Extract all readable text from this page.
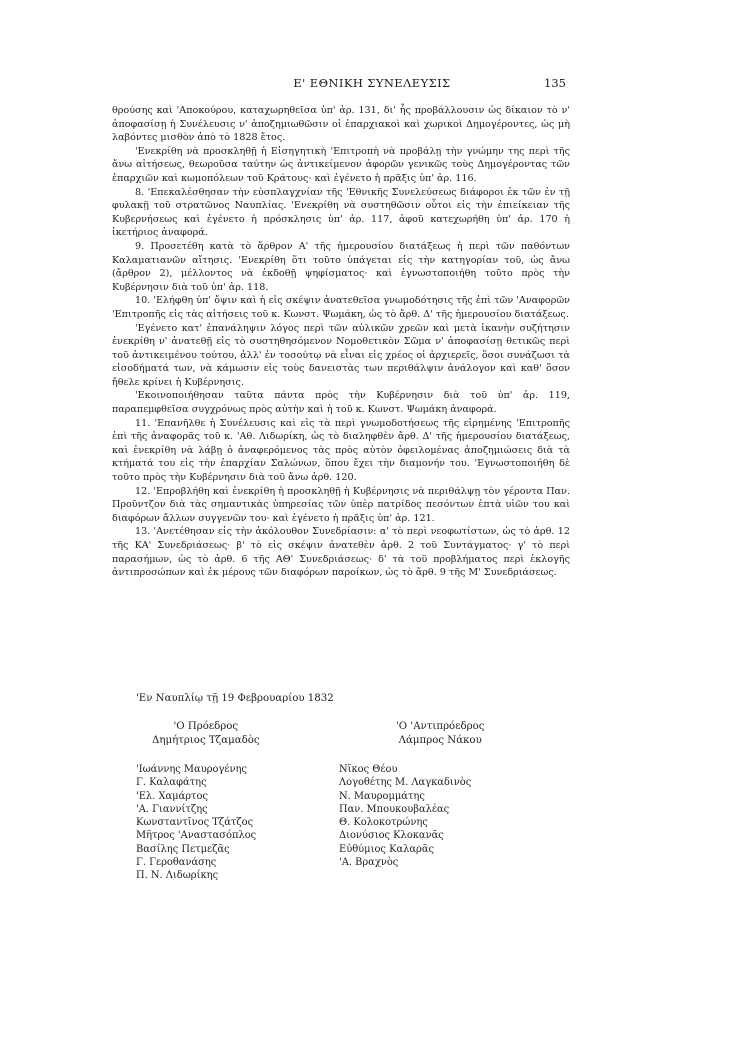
Ε' ΕΘΝΙΚΗ ΣΥΝΕΛΕΥΣΙΣ	135

θρούσης καὶ 'Αποκούρου, καταχωρηθεῖσα ὑπ' ἀρ. 131, δι' ἧς προβάλλουσιν ὡς δίκαιον τὸ ν' ἀποφασίσῃ ἡ Συνέλευσις ν' ἀποζημιωθῶσιν οἱ ἐπαρχιακοὶ καὶ χωρικοὶ Δημογέροντες, ὡς μὴ λαβόντες μισθὸν ἀπὸ τὸ 1828 ἔτος.

'Ενεκρίθη νὰ προσκληθῇ ἡ Εἰσηγητικὴ 'Επιτροπὴ νὰ προβάλῃ τὴν γνώμην της περὶ τῆς ἄνω αἰτήσεως, θεωροῦσα ταύτην ὡς ἀντικείμενον ἀφορῶν γενικῶς τοὺς Δημογέροντας τῶν ἐπαρχιῶν καὶ κωμοπόλεων τοῦ Κράτους· καὶ ἐγένετο ἡ πρᾶξις ὑπ' ἀρ. 116.

8. 'Επεκαλέσθησαν τὴν εὐσπλαγχνίαν τῆς 'Εθνικῆς Συνελεύσεως διάφοροι ἐκ τῶν ἐν τῇ φυλακῇ τοῦ στρατῶνος Ναυπλίας. 'Ενεκρίθη νὰ συστηθῶσιν οὗτοι εἰς τὴν ἐπιείκειαν τῆς Κυβερνήσεως καὶ ἐγένετο ἡ πρόσκλησις ὑπ' ἀρ. 117, ἀφοῦ κατεχωρήθη ὑπ' ἀρ. 170 ἡ ἱκετήριος ἀναφορά.

9. Προσετέθη κατὰ τὸ ἄρθρον Α' τῆς ἡμερουσίου διατάξεως ἡ περὶ τῶν παθόντων Καλαματιανῶν αἴτησις. 'Ενεκρίθη ὅτι τοῦτο ὑπάγεται εἰς τὴν κατηγορίαν τοῦ, ὡς ἄνω (ἄρθρον 2), μέλλοντος νὰ ἐκδοθῇ ψηφίσματος· καὶ ἐγνωστοποιήθη τοῦτο πρὸς τὴν Κυβέρνησιν διὰ τοῦ ὑπ' ἀρ. 118.

10. 'Ελήφθη ὑπ' ὄψιν καὶ ἡ εἰς σκέψιν ἀνατεθεῖσα γνωμοδότησις τῆς ἐπὶ τῶν 'Αναφορῶν 'Επιτροπῆς εἰς τὰς αἰτήσεις τοῦ κ. Κωνστ. Ψωμάκη, ὡς τὸ ἄρθ. Δ' τῆς ἡμερουσίου διατάξεως.

'Εγένετο κατ' ἐπανάληψιν λόγος περὶ τῶν αὐλικῶν χρεῶν καὶ μετὰ ἱκανὴν συζήτησιν ἐνεκρίθη ν' ἀνατεθῇ εἰς τὸ συστηθησόμενον Νομοθετικὸν Σῶμα ν' ἀποφασίσῃ θετικῶς περὶ τοῦ ἀντικειμένου τούτου, ἀλλ' ἐν τοσούτῳ νὰ εἶναι εἰς χρέος οἱ ἀρχιερεῖς, ὅσοι συνάζωσι τὰ εἰσοδήματά των, νὰ κάμωσιν εἰς τοὺς δανειστὰς των περιθάλψιν ἀνάλογον καὶ καθ' ὅσον ἤθελε κρίνει ἡ Κυβέρνησις.

'Εκοινοποιήθησαν ταῦτα πάντα πρὸς τὴν Κυβέρνησιν διὰ τοῦ ὑπ' ἀρ. 119, παραπεμφθεῖσα συγχρόνως πρὸς αὐτὴν καὶ ἡ τοῦ κ. Κωνστ. Ψωμάκη ἀναφορά.

11. 'Επανῆλθε ἡ Συνέλευσις καὶ εἰς τὰ περὶ γνωμοδοτήσεως τῆς εἰρημένης 'Επιτροπῆς ἐπὶ τῆς ἀναφορᾶς τοῦ κ. 'Αθ. Λιδωρίκη, ὡς τὸ διαληφθὲν ἄρθ. Δ' τῆς ἡμερουσίου διατάξεως, καὶ ἐνεκρίθη νὰ λάβῃ ὁ ἀναφερόμενος τὰς πρὸς αὐτὸν ὀφειλομένας ἀποζημιώσεις διὰ τὰ κτήματά του εἰς τὴν ἐπαρχίαν Σαλώνων, ὅπου ἔχει τὴν διαμονήν του. 'Εγνωστοποιήθη δὲ τοῦτο πρὸς τὴν Κυβέρνησιν διὰ τοῦ ἄνω ἀρθ. 120.

12. 'Επροβλήθη καὶ ἐνεκρίθη ἡ προσκληθῇ ἡ Κυβέρνησις νὰ περιθάλψῃ τὸν γέροντα Παν. Προῦντζον διὰ τὰς σημαντικὰς ὑπηρεσίας τῶν ὑπὲρ πατρίδος πεσόντων ἑπτὰ υἱῶν του καὶ διαφόρων ἄλλων συγγενῶν του· καὶ ἐγένετο ἡ πρᾶξις ὑπ' ἀρ. 121.

13. 'Ανετέθησαν εἰς τὴν ἀκόλουθον Συνεδρίασιν: α' τὸ περὶ νεοφωτίστων, ὡς τὸ ἀρθ. 12 τῆς ΚΑ' Συνεδριάσεως· β' τὸ εἰς σκέψιν ἀνατεθὲν ἀρθ. 2 τοῦ Συντάγματος· γ' τὸ περὶ παρασήμων, ὡς τὸ ἀρθ. 6 τῆς ΑΘ' Συνεδριάσεως· δ' τὰ τοῦ προβλήματος περὶ ἐκλογῆς ἀντιπροσώπων καὶ ἐκ μέρους τῶν διαφόρων παροίκων, ὡς τὸ ἄρθ. 9 τῆς Μ' Συνεδριάσεως.

'Εν Ναυπλίῳ τῇ 19 Φεβρουαρίου 1832
'Ο Πρόεδρος
Δημήτριος Τζαμαδὸς
'Ο 'Αντιπρόεδρος
Λάμπρος Νάκου
'Ιωάννης Μαυρογένης
Γ. Καλαφάτης
'Ελ. Χαμάρτος
'Α. Γιαννίτζης
Κωνσταντῖνος Τζάτζος
Μῆτρος 'Αναστασόπλος
Βασίλης Πετμεζᾶς
Γ. Γεροθανάσης
Π. Ν. Λιδωρίκης
Νῖκος Θέου
Λογοθέτης Μ. Λαγκαδινὸς
Ν. Μαυρομμάτης
Παν. Μπουκουβαλέας
Θ. Κολοκοτρώνης
Διονύσιος Κλοκανᾶς
Εὐθύμιος Καλαρᾶς
'Α. Βραχνὸς
